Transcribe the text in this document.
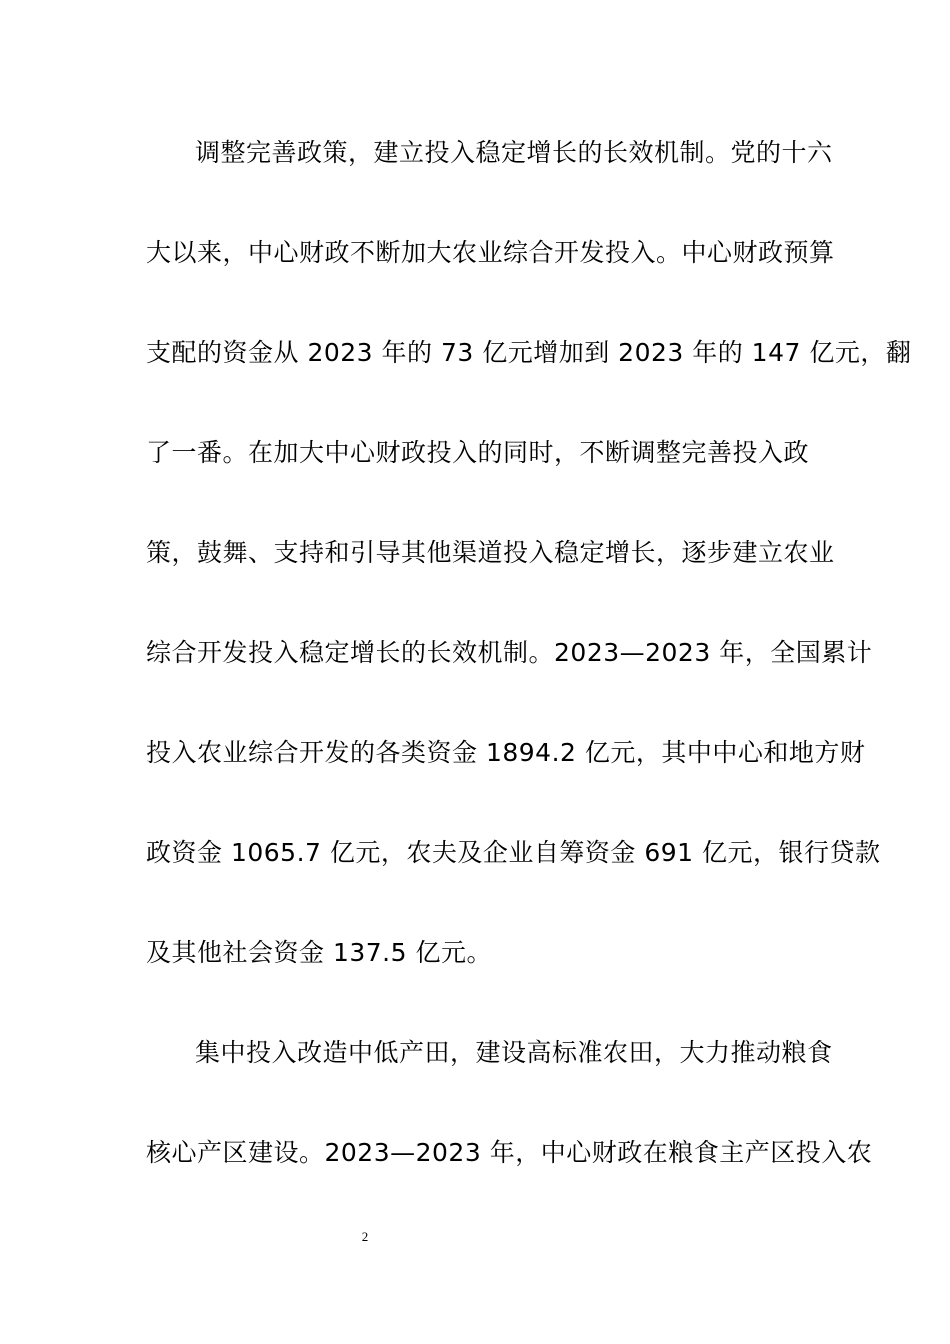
调整完善政策，建立投入稳定增长的长效机制。党的十六
大以来，中心财政不断加大农业综合开发投入。中心财政预算
支配的资金从 2023 年的 73 亿元增加到 2023 年的 147 亿元，翻
了一番。在加大中心财政投入的同时，不断调整完善投入政
策，鼓舞、支持和引导其他渠道投入稳定增长，逐步建立农业
综合开发投入稳定增长的长效机制。2023—2023 年，全国累计
投入农业综合开发的各类资金 1894.2 亿元，其中中心和地方财
政资金 1065.7 亿元，农夫及企业自筹资金 691 亿元，银行贷款
及其他社会资金 137.5 亿元。
集中投入改造中低产田，建设高标准农田，大力推动粮食
核心产区建设。2023—2023 年，中心财政在粮食主产区投入农
2
